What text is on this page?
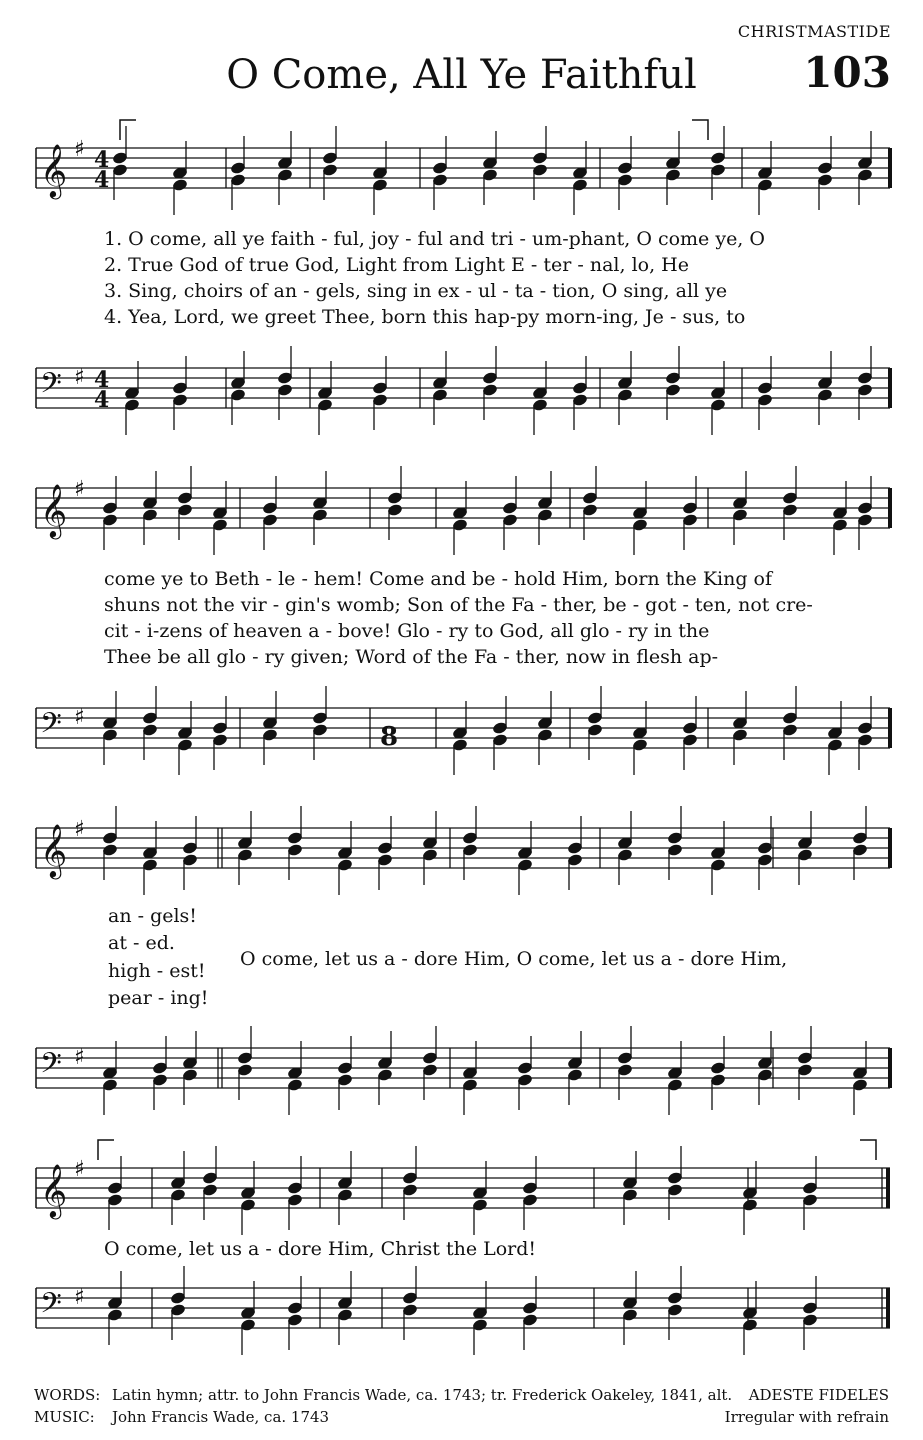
CHRISTMASTIDE
O Come, All Ye Faithful	103
𝄞 ♯ 4
4
𝄢 ♯ 4
4
𝄞 ♯
𝄢 ♯
𝄞 ♯
𝄢 ♯
𝄞 ♯
𝄢 ♯
8
1. O come, all ye faith - ful, joy - ful and tri - um-phant, O come ye, O
2. True God of true God, Light from Light E - ter - nal, lo, He
3. Sing, choirs of an - gels, sing in ex - ul - ta - tion, O sing, all ye
4. Yea, Lord, we greet Thee, born this hap-py morn-ing, Je - sus, to
come ye to Beth - le - hem! Come and be - hold Him, born the King of
shuns not the vir - gin's womb; Son of the Fa - ther, be - got - ten, not cre-
cit - i-zens of heaven a - bove! Glo - ry to God, all glo - ry in the
Thee be all glo - ry given; Word of the Fa - ther, now in flesh ap-
an - gels!
at - ed.
high - est!
pear - ing!
O come, let us a - dore Him, O come, let us a - dore Him,
O come, let us a - dore Him, Christ the Lord!
WORDS: Latin hymn; attr. to John Francis Wade, ca. 1743; tr. Frederick Oakeley, 1841, alt.
MUSIC: John Francis Wade, ca. 1743
ADESTE FIDELES
Irregular with refrain
